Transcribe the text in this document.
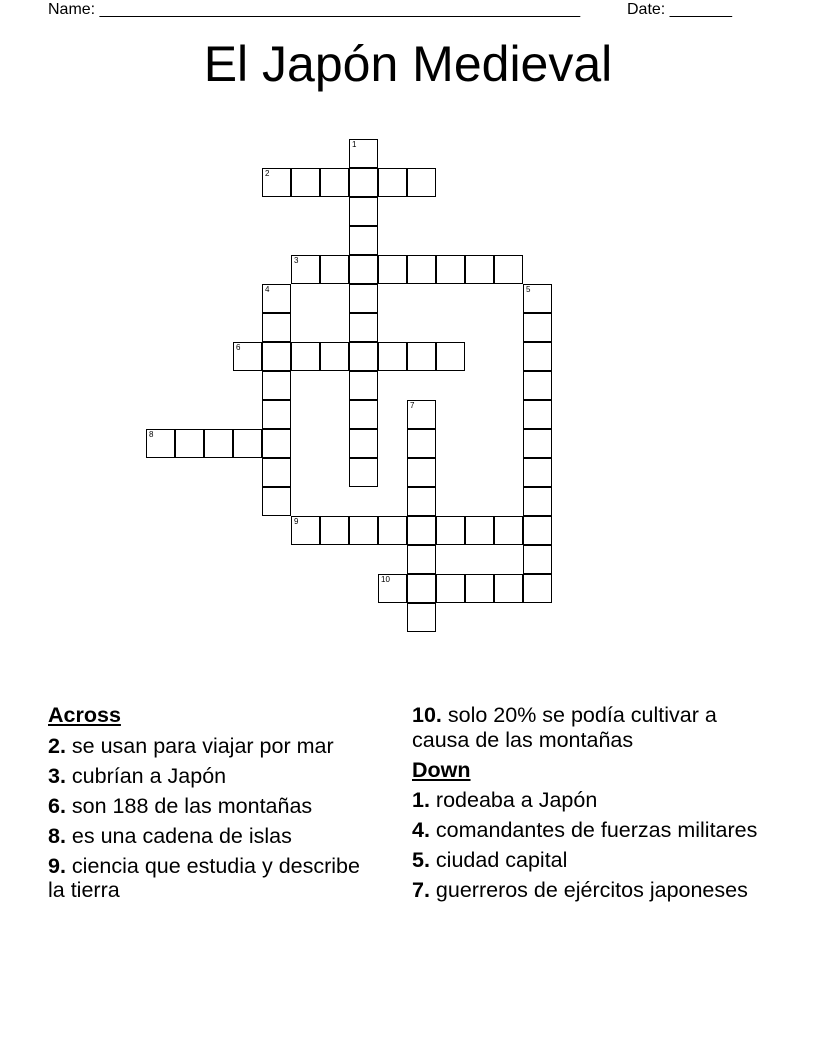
Name: ______________________________________________________	Date: _______
El Japón Medieval
1
2
3
4	5
6
7
8
9
10
Across
2. se usan para viajar por mar
3. cubrían a Japón
6. son 188 de las montañas
8. es una cadena de islas
9. ciencia que estudia y describe la tierra
10. solo 20% se podía cultivar a causa de las montañas
Down
1. rodeaba a Japón
4. comandantes de fuerzas militares
5. ciudad capital
7. guerreros de ejércitos japoneses
